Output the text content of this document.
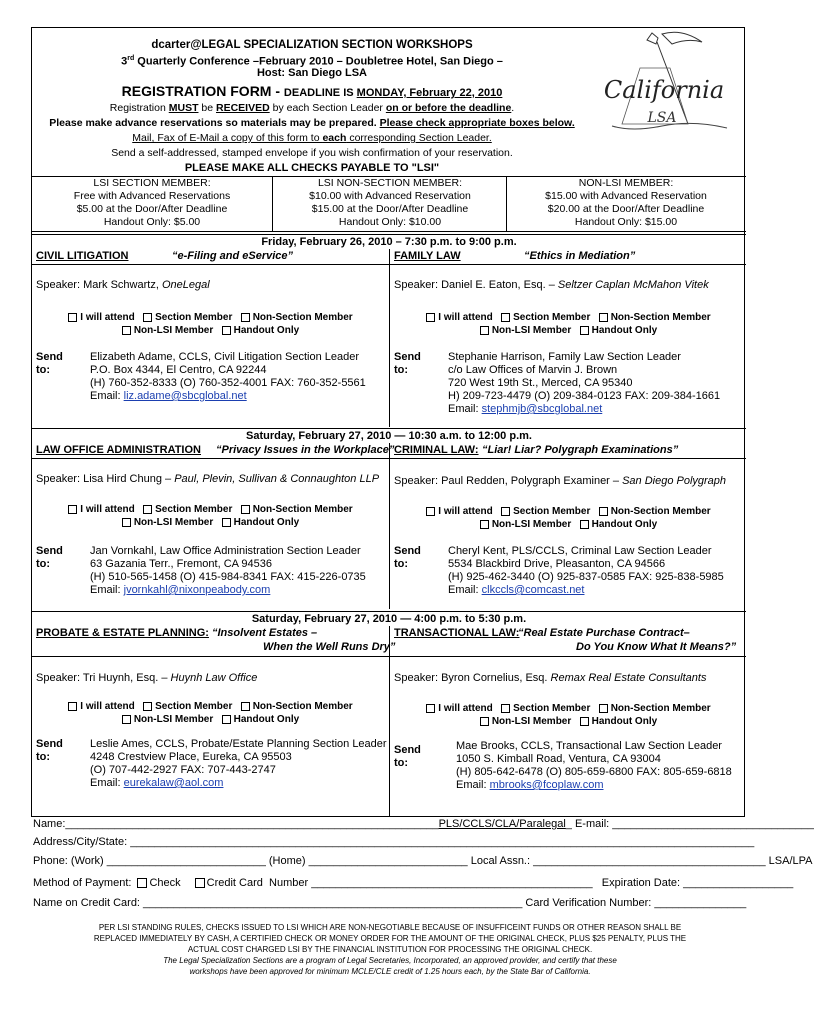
dcarter@LEGAL SPECIALIZATION SECTION WORKSHOPS
3rd Quarterly Conference –February 2010 – Doubletree Hotel, San Diego –
Host: San Diego LSA
REGISTRATION FORM - DEADLINE IS MONDAY, February 22, 2010
Registration MUST be RECEIVED by each Section Leader on or before the deadline.
Please make advance reservations so materials may be prepared. Please check appropriate boxes below.
Mail, Fax of E-Mail a copy of this form to each corresponding Section Leader.
Send a self-addressed, stamped envelope if you wish confirmation of your reservation.
PLEASE MAKE ALL CHECKS PAYABLE TO "LSI"
California
LSA
LSI SECTION MEMBER:
Free with Advanced Reservations
$5.00 at the Door/After Deadline
Handout Only: $5.00
LSI NON-SECTION MEMBER:
$10.00 with Advanced Reservation
$15.00 at the Door/After Deadline
Handout Only: $10.00
NON-LSI MEMBER:
$15.00 with Advanced Reservation
$20.00 at the Door/After Deadline
Handout Only: $15.00
Friday, February 26, 2010 – 7:30 p.m. to 9:00 p.m.
CIVIL LITIGATION	“e-Filing and eService”
Speaker: Mark Schwartz, OneLegal
I will attend Section Member Non-Section Member
Non-LSI Member Handout Only
Send to:
Elizabeth Adame, CCLS, Civil Litigation Section Leader
P.O. Box 4344, El Centro, CA 92244
(H) 760-352-8333 (O) 760-352-4001 FAX: 760-352-5561
Email: liz.adame@sbcglobal.net
FAMILY LAW	“Ethics in Mediation”
Speaker: Daniel E. Eaton, Esq. – Seltzer Caplan McMahon Vitek
I will attend Section Member Non-Section Member
Non-LSI Member Handout Only
Send to:
Stephanie Harrison, Family Law Section Leader
c/o Law Offices of Marvin J. Brown
720 West 19th St., Merced, CA 95340
H) 209-723-4479 (O) 209-384-0123 FAX: 209-384-1661
Email: stephmjb@sbcglobal.net
Saturday, February 27, 2010 — 10:30 a.m. to 12:00 p.m.
LAW OFFICE ADMINISTRATION “Privacy Issues in the Workplace”
Speaker: Lisa Hird Chung – Paul, Plevin, Sullivan & Connaughton LLP
I will attend Section Member Non-Section Member
Non-LSI Member Handout Only
Send to:
Jan Vornkahl, Law Office Administration Section Leader
63 Gazania Terr., Fremont, CA 94536
(H) 510-565-1458 (O) 415-984-8341 FAX: 415-226-0735
Email: jvornkahl@nixonpeabody.com
CRIMINAL LAW: “Liar! Liar? Polygraph Examinations”
Speaker: Paul Redden, Polygraph Examiner – San Diego Polygraph
I will attend Section Member Non-Section Member
Non-LSI Member Handout Only
Send to:
Cheryl Kent, PLS/CCLS, Criminal Law Section Leader
5534 Blackbird Drive, Pleasanton, CA 94566
(H) 925-462-3440 (O) 925-837-0585 FAX: 925-838-5985
Email: clkccls@comcast.net
Saturday, February 27, 2010 — 4:00 p.m. to 5:30 p.m.
PROBATE & ESTATE PLANNING: “Insolvent Estates –
When the Well Runs Dry”
Speaker: Tri Huynh, Esq. – Huynh Law Office
I will attend Section Member Non-Section Member
Non-LSI Member Handout Only
Send to:
Leslie Ames, CCLS, Probate/Estate Planning Section Leader
4248 Crestview Place, Eureka, CA 95503
(O) 707-442-2927 FAX: 707-443-2747
Email: eurekalaw@aol.com
TRANSACTIONAL LAW:
“Real Estate Purchase Contract–
Do You Know What It Means?”
Speaker: Byron Cornelius, Esq. Remax Real Estate Consultants
I will attend Section Member Non-Section Member
Non-LSI Member Handout Only
Send to:
Mae Brooks, CCLS, Transactional Law Section Leader
1050 S. Kimball Road, Ventura, CA 93004
(H) 805-642-6478 (O) 805-659-6800 FAX: 805-659-6818
Email: mbrooks@fcoplaw.com
Name:_____________________________________________________________PLS/CCLS/CLA/Paralegal_ E-mail: _________________________________
Address/City/State: ______________________________________________________________________________________________________
Phone: (Work) __________________________ (Home) __________________________ Local Assn.: ______________________________________ LSA/LPA
Method of Payment: Check Credit Card Number ______________________________________________ Expiration Date: __________________
Name on Credit Card: ______________________________________________________________ Card Verification Number: _______________
PER LSI STANDING RULES, CHECKS ISSUED TO LSI WHICH ARE NON-NEGOTIABLE BECAUSE OF INSUFFICEINT FUNDS OR OTHER REASON SHALL BE
REPLACED IMMEDIATELY BY CASH, A CERTIFIED CHECK OR MONEY ORDER FOR THE AMOUNT OF THE ORIGINAL CHECK, PLUS $25 PENALTY, PLUS THE
ACTUAL COST CHARGED LSI BY THE FINANCIAL INSTITUTION FOR PROCESSING THE ORIGINAL CHECK.
The Legal Specialization Sections are a program of Legal Secretaries, Incorporated, an approved provider, and certify that these
workshops have been approved for minimum MCLE/CLE credit of 1.25 hours each, by the State Bar of California.
